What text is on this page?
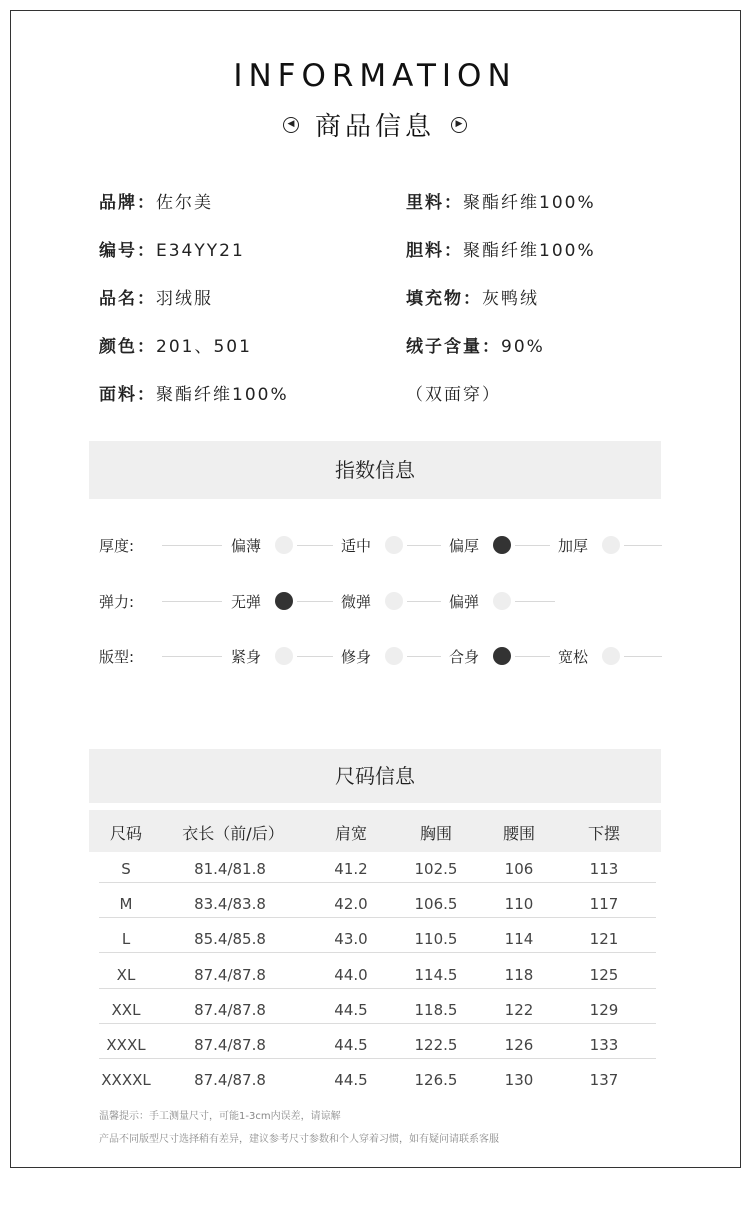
INFORMATION
◀ 商品信息	▶
品牌：佐尔美
编号：E34YY21
品名：羽绒服
颜色：201、501
面料：聚酯纤维100%
里料：聚酯纤维100%
胆料：聚酯纤维100%
填充物：灰鸭绒
绒子含量：90%
（双面穿）
指数信息
厚度:	偏薄	适中	偏厚	加厚
弹力:	无弹	微弹	偏弹
版型:	紧身	修身	合身	宽松
尺码信息
尺码	衣长（前/后）	肩宽	胸围	腰围	下摆
S	81.4/81.8	41.2	102.5	106	113
M	83.4/83.8	42.0	106.5	110	117
L	85.4/85.8	43.0	110.5	114	121
XL	87.4/87.8	44.0	114.5	118	125
XXL	87.4/87.8	44.5	118.5	122	129
XXXL	87.4/87.8	44.5	122.5	126	133
XXXXL	87.4/87.8	44.5	126.5	130	137
温馨提示：手工测量尺寸，可能1-3cm内误差，请谅解
产品不同版型尺寸选择稍有差异，建议参考尺寸参数和个人穿着习惯，如有疑问请联系客服
